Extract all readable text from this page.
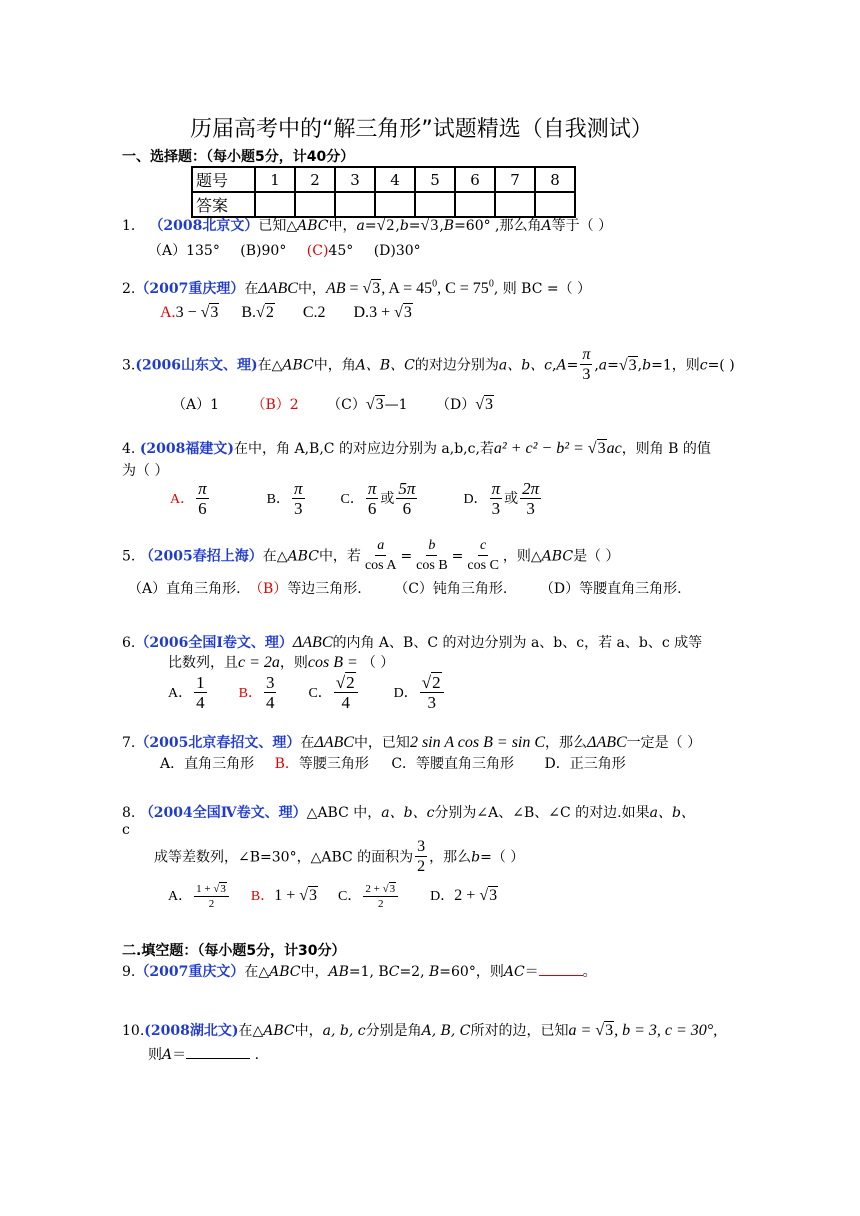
历届高考中的“解三角形”试题精选（自我测试）
一、选择题：（每小题5分，计40分）
题号	1	2	3	4	5	6	7	8
答案								
1． （2008北京文）已知△ABC中，a=√2,b=√3,B=60° ,那么角A等于（ ）
（A）135° (B)90° (C)45° (D)30°
2.（2007重庆理）在ΔABC中，AB = √3, $A = 45^0$, $C = 75^0$, 则 BC =（ ）
A.3 − √3 B.√2 C.2 D.3 + √3
3.(2006山东文、理)在△ABC中，角A、B、C的对边分别为a、b、$c,A= \frac{\pi}{3} ,a=√3,b=1$，则c=( )
（A）1 （B）2 （C）√3—1 （D）√3
4. (2008福建文)在中，角 A,B,C 的对应边分别为 a,b,c,若a² + c² − b² = √3ac，则角 B 的值
为（ ）
A． $\frac{\pi}{6}$	B． $\frac{\pi}{3}$	C． $\frac{\pi}{6}$ 或 $\frac{5\pi}{6}$	D． $\frac{\pi}{3}$ 或 $\frac{2\pi}{3}$
5. （2005春招上海）在△ABC中，若 $\frac{a}{\text{cos A}} = \frac{b}{\text{cos B}} = \frac{c}{\text{cos C}}$ ，则△ABC是（ ）
（A）直角三角形. （B）等边三角形. （C）钝角三角形. （D）等腰直角三角形.
6.（2006全国Ⅰ卷文、理）ΔABC的内角 A、B、C 的对边分别为 a、b、c，若 a、b、c 成等
比数列，且c = 2a，则cos B = （ ）
A． $\frac{1}{4}$ B． $\frac{3}{4}$ C． $\frac{√2}{4}$	D． $\frac{√2}{3}$
7.（2005北京春招文、理）在ΔABC中，已知2 sin A cos B = sin C，那么ΔABC一定是（ ）
A．直角三角形 B．等腰三角形 C．等腰直角三角形 D．正三角形
8. （2004全国Ⅳ卷文、理）△ABC 中，a、b、c分别为∠A、∠B、∠C 的对边.如果a、b、
c
成等差数列，∠B=30°，△ABC 的面积为 $\frac{3}{2}$ ，那么b=（ ）
A． $\frac{1 + √3}{2}$ B．1 + √3 C． $\frac{2 + √3}{2}$ D．2 + √3
二.填空题：（每小题5分，计30分）
9.（2007重庆文）在△ABC中，AB=1, BC=2, B=60°，则AC＝	。
10.(2008湖北文)在△ABC中，a, b, c分别是角A, B, C所对的边，已知a = √3, b = 3, c = 30°,
则A＝	.
